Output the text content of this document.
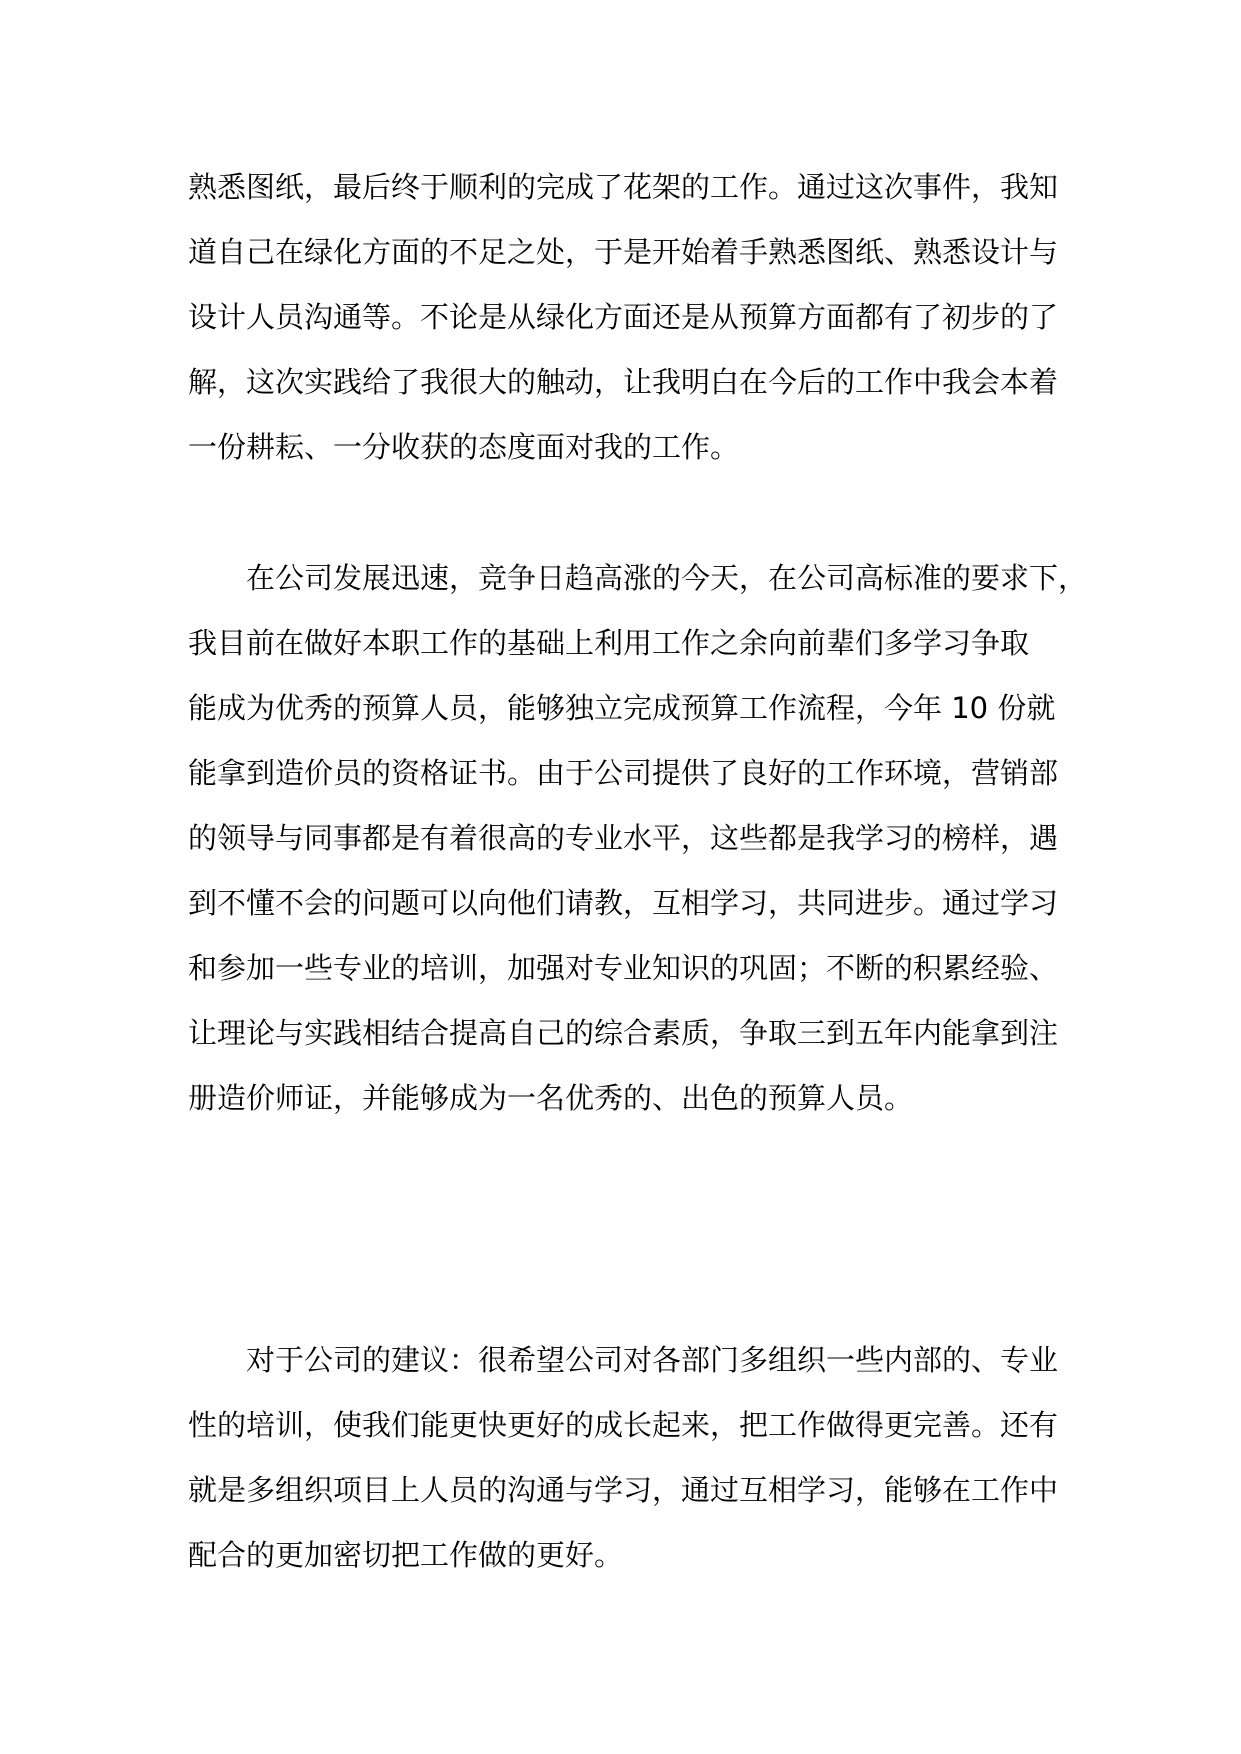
熟悉图纸，最后终于顺利的完成了花架的工作。通过这次事件，我知
道自己在绿化方面的不足之处，于是开始着手熟悉图纸、熟悉设计与
设计人员沟通等。不论是从绿化方面还是从预算方面都有了初步的了
解，这次实践给了我很大的触动，让我明白在今后的工作中我会本着
一份耕耘、一分收获的态度面对我的工作。
在公司发展迅速，竞争日趋高涨的今天，在公司高标准的要求下，
我目前在做好本职工作的基础上利用工作之余向前辈们多学习争取
能成为优秀的预算人员，能够独立完成预算工作流程，今年 10 份就
能拿到造价员的资格证书。由于公司提供了良好的工作环境，营销部
的领导与同事都是有着很高的专业水平，这些都是我学习的榜样，遇
到不懂不会的问题可以向他们请教，互相学习，共同进步。通过学习
和参加一些专业的培训，加强对专业知识的巩固；不断的积累经验、
让理论与实践相结合提高自己的综合素质，争取三到五年内能拿到注
册造价师证，并能够成为一名优秀的、出色的预算人员。
对于公司的建议：很希望公司对各部门多组织一些内部的、专业
性的培训，使我们能更快更好的成长起来，把工作做得更完善。还有
就是多组织项目上人员的沟通与学习，通过互相学习，能够在工作中
配合的更加密切把工作做的更好。
